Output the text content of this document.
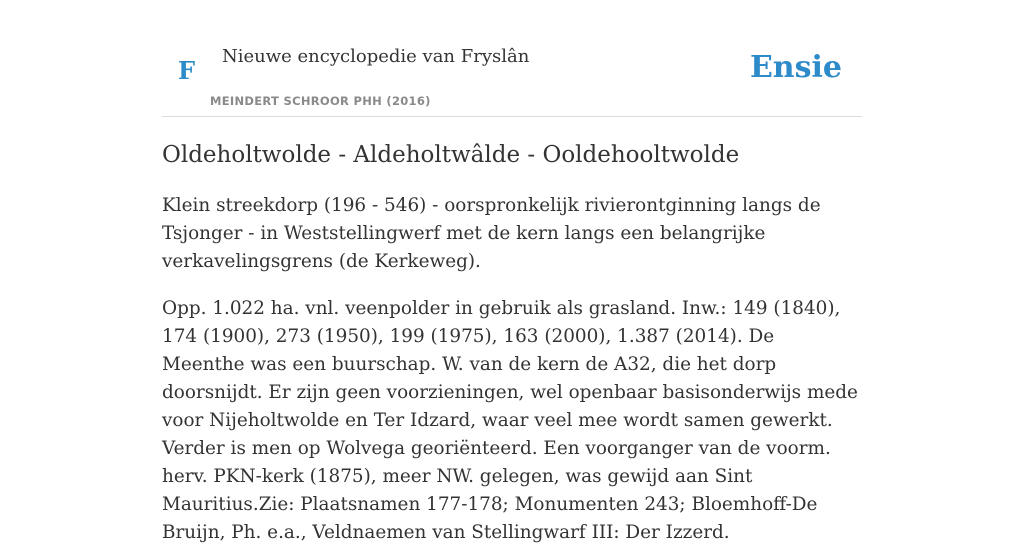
F Nieuwe encyclopedie van Fryslân
MEINDERT SCHROOR PHH (2016)
Ensie
Oldeholtwolde - Aldeholtwâlde - Ooldehooltwolde

Klein streekdorp (196 - 546) - oorspronkelijk rivierontginning langs de Tsjonger - in Weststellingwerf met de kern langs een belangrijke verkavelingsgrens (de Kerkeweg).

Opp. 1.022 ha. vnl. veenpolder in gebruik als grasland. Inw.: 149 (1840), 174 (1900), 273 (1950), 199 (1975), 163 (2000), 1.387 (2014). De Meenthe was een buurschap. W. van de kern de A32, die het dorp doorsnijdt. Er zijn geen voorzieningen, wel openbaar basisonderwijs mede voor Nijeholtwolde en Ter Idzard, waar veel mee wordt samen gewerkt. Verder is men op Wolvega georiënteerd. Een voorganger van de voorm. herv. PKN-kerk (1875), meer NW. gelegen, was gewijd aan Sint Mauritius.Zie: Plaatsnamen 177-178; Monumenten 243; Bloemhoff-De Bruijn, Ph. e.a., Veldnaemen van Stellingwarf III: Der Izzerd.
